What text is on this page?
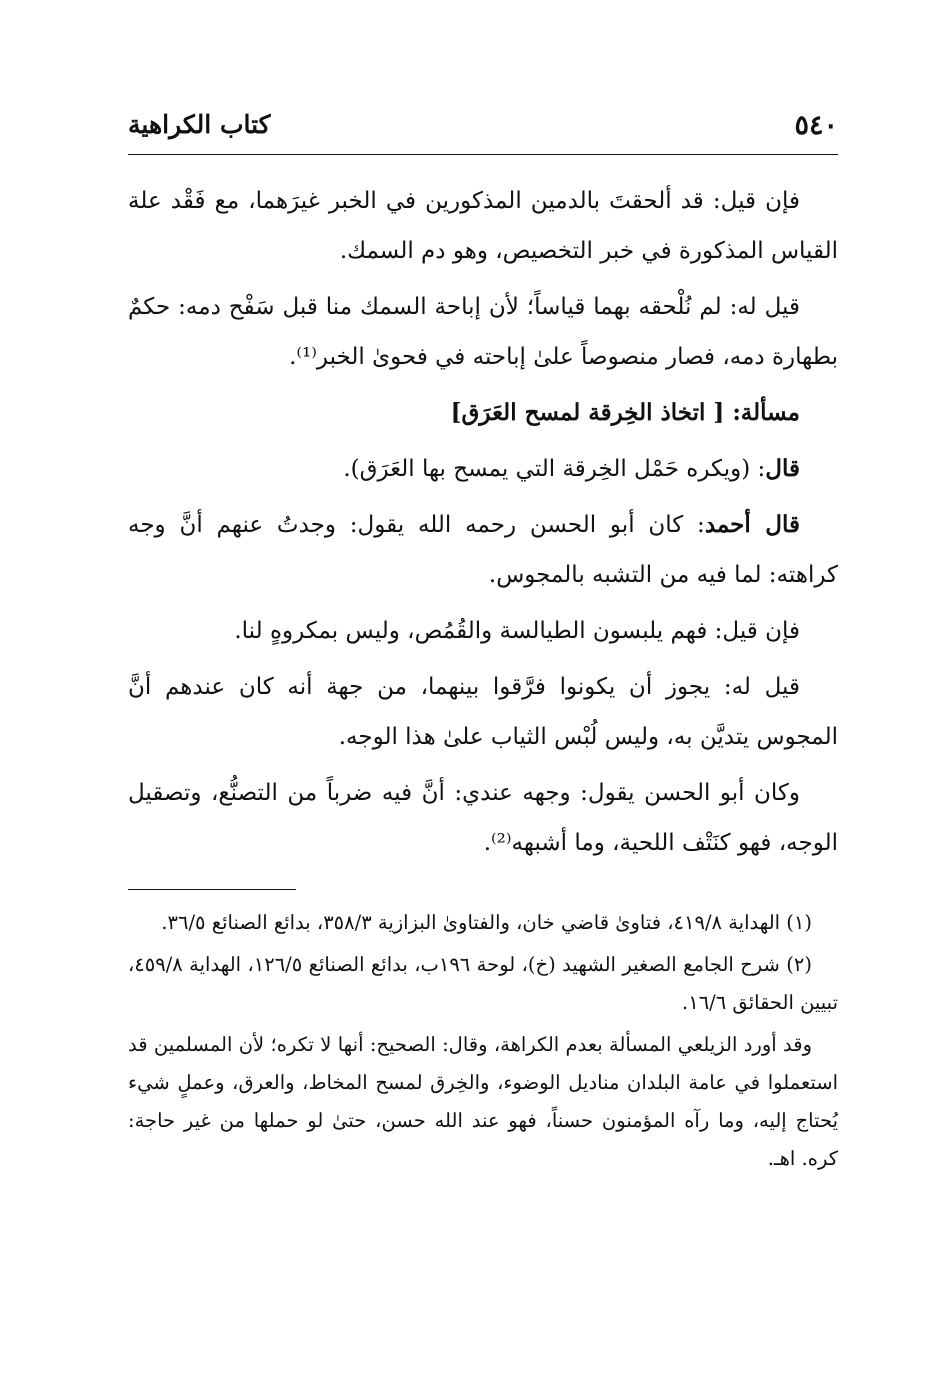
٥٤٠
كتاب الكراهية

فإن قيل: قد ألحقتَ بالدمين المذكورين في الخبر غيرَهما، مع فَقْد علة القياس المذكورة في خبر التخصيص، وهو دم السمك.

قيل له: لم نُلْحقه بهما قياساً؛ لأن إباحة السمك منا قبل سَفْح دمه: حكمٌ بطهارة دمه، فصار منصوصاً علىٰ إباحته في فحوىٰ الخبر⁽¹⁾.

مسألة: [ اتخاذ الخِرقة لمسح العَرَق]

قال: (ويكره حَمْل الخِرقة التي يمسح بها العَرَق).

قال أحمد: كان أبو الحسن رحمه الله يقول: وجدتُ عنهم أنَّ وجه كراهته: لما فيه من التشبه بالمجوس.

فإن قيل: فهم يلبسون الطيالسة والقُمُص، وليس بمكروهٍ لنا.

قيل له: يجوز أن يكونوا فرَّقوا بينهما، من جهة أنه كان عندهم أنَّ المجوس يتديَّن به، وليس لُبْس الثياب علىٰ هذا الوجه.

وكان أبو الحسن يقول: وجهه عندي: أنَّ فيه ضرباً من التصنُّع، وتصقيل الوجه، فهو كنَتْف اللحية، وما أشبهه⁽²⁾.

(١) الهداية ٤١٩/٨، فتاوىٰ قاضي خان، والفتاوىٰ البزازية ٣٥٨/٣، بدائع الصنائع ٣٦/٥.

(٢) شرح الجامع الصغير الشهيد (خ)، لوحة ١٩٦ب، بدائع الصنائع ١٢٦/٥، الهداية ٤٥٩/٨، تبيين الحقائق ١٦/٦.

وقد أورد الزيلعي المسألة بعدم الكراهة، وقال: الصحيح: أنها لا تكره؛ لأن المسلمين قد استعملوا في عامة البلدان مناديل الوضوء، والخِرق لمسح المخاط، والعرق، وعملٍ شيء يُحتاج إليه، وما رآه المؤمنون حسناً، فهو عند الله حسن، حتىٰ لو حملها من غير حاجة: كره. اهـ.
